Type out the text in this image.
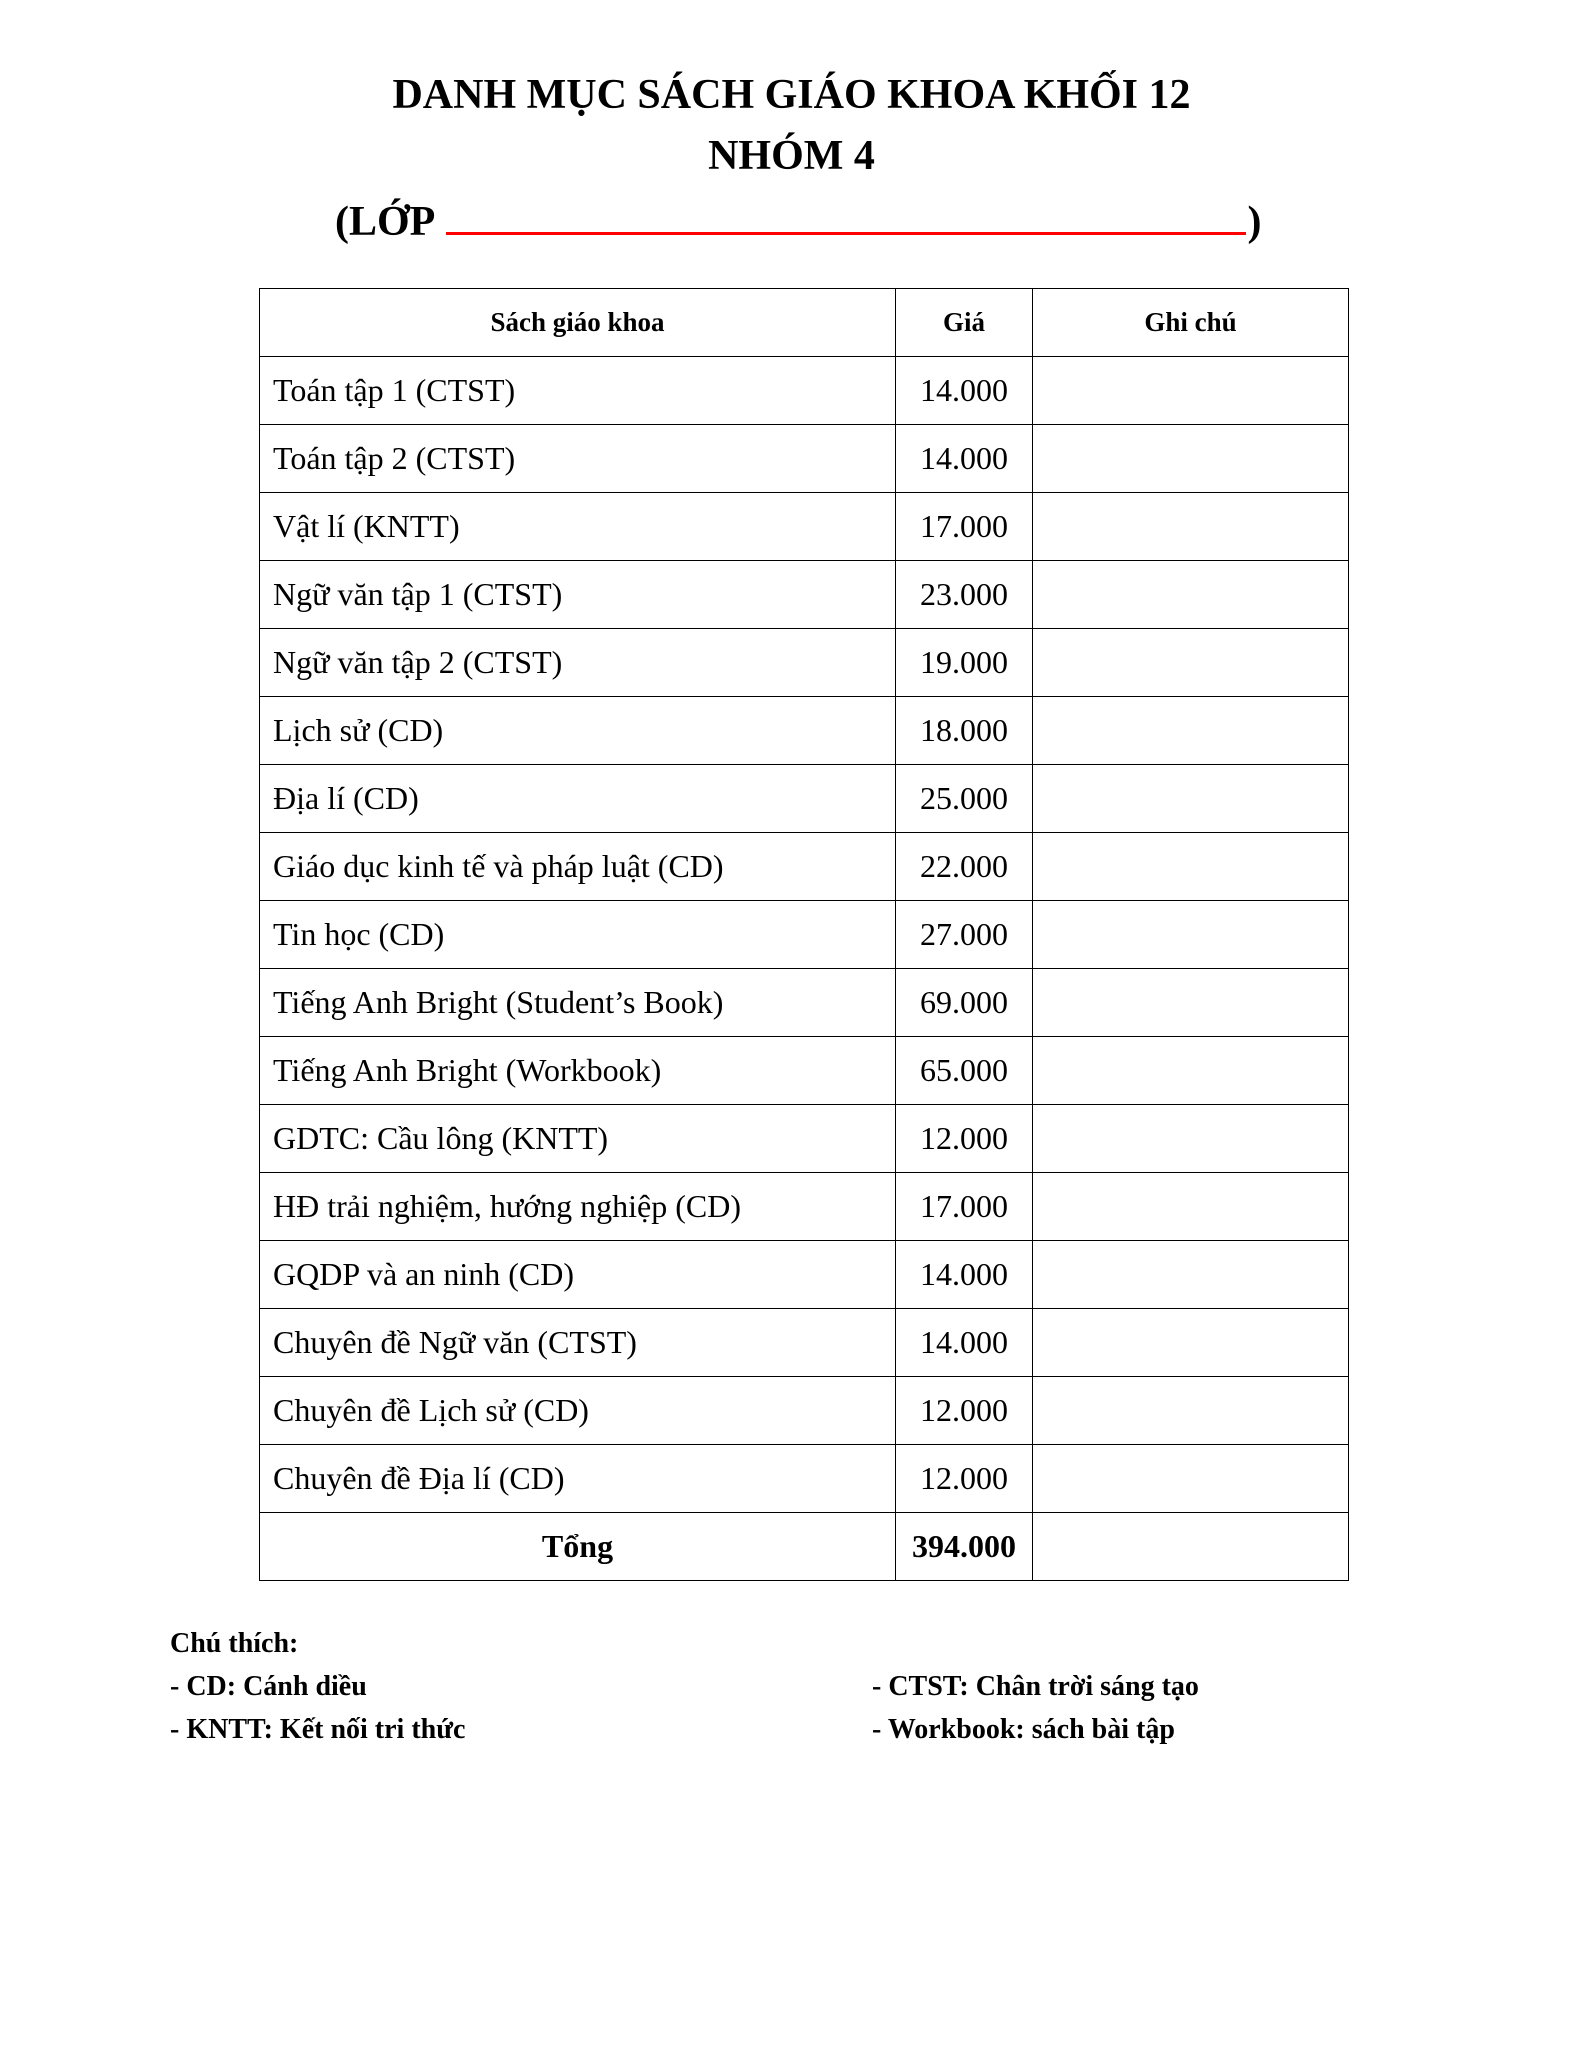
DANH MỤC SÁCH GIÁO KHOA KHỐI 12
NHÓM 4
(LỚP	)
Sách giáo khoa	Giá	Ghi chú
Toán tập 1 (CTST)	14.000	
Toán tập 2 (CTST)	14.000	
Vật lí (KNTT)	17.000	
Ngữ văn tập 1 (CTST)	23.000	
Ngữ văn tập 2 (CTST)	19.000	
Lịch sử (CD)	18.000	
Địa lí (CD)	25.000	
Giáo dục kinh tế và pháp luật (CD)	22.000	
Tin học (CD)	27.000	
Tiếng Anh Bright (Student’s Book)	69.000	
Tiếng Anh Bright (Workbook)	65.000	
GDTC: Cầu lông (KNTT)	12.000	
HĐ trải nghiệm, hướng nghiệp (CD)	17.000	
GQDP và an ninh (CD)	14.000	
Chuyên đề Ngữ văn (CTST)	14.000	
Chuyên đề Lịch sử (CD)	12.000	
Chuyên đề Địa lí (CD)	12.000	
Tổng	394.000	
Chú thích:
- CD: Cánh diều	- CTST: Chân trời sáng tạo
- KNTT: Kết nối tri thức	- Workbook: sách bài tập
